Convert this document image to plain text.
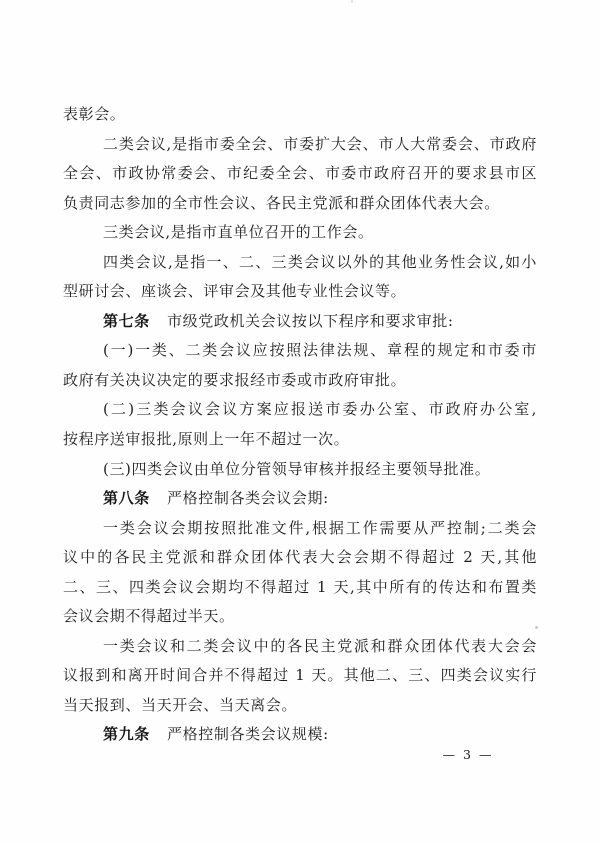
表彰会。
二类会议,是指市委全会、市委扩大会、市人大常委会、市政府
全会、市政协常委会、市纪委全会、市委市政府召开的要求县市区
负责同志参加的全市性会议、各民主党派和群众团体代表大会。
三类会议,是指市直单位召开的工作会。
四类会议,是指一、二、三类会议以外的其他业务性会议,如小
型研讨会、座谈会、评审会及其他专业性会议等。
第七条 市级党政机关会议按以下程序和要求审批:
(一)一类、二类会议应按照法律法规、章程的规定和市委市
政府有关决议决定的要求报经市委或市政府审批。
(二)三类会议会议方案应报送市委办公室、市政府办公室,
按程序送审报批,原则上一年不超过一次。
(三)四类会议由单位分管领导审核并报经主要领导批准。
第八条 严格控制各类会议会期:
一类会议会期按照批准文件,根据工作需要从严控制;二类会
议中的各民主党派和群众团体代表大会会期不得超过 2 天,其他
二、三、四类会议会期均不得超过 1 天,其中所有的传达和布置类
会议会期不得超过半天。
一类会议和二类会议中的各民主党派和群众团体代表大会会
议报到和离开时间合并不得超过 1 天。其他二、三、四类会议实行
当天报到、当天开会、当天离会。
第九条 严格控制各类会议规模:
— 3 —
